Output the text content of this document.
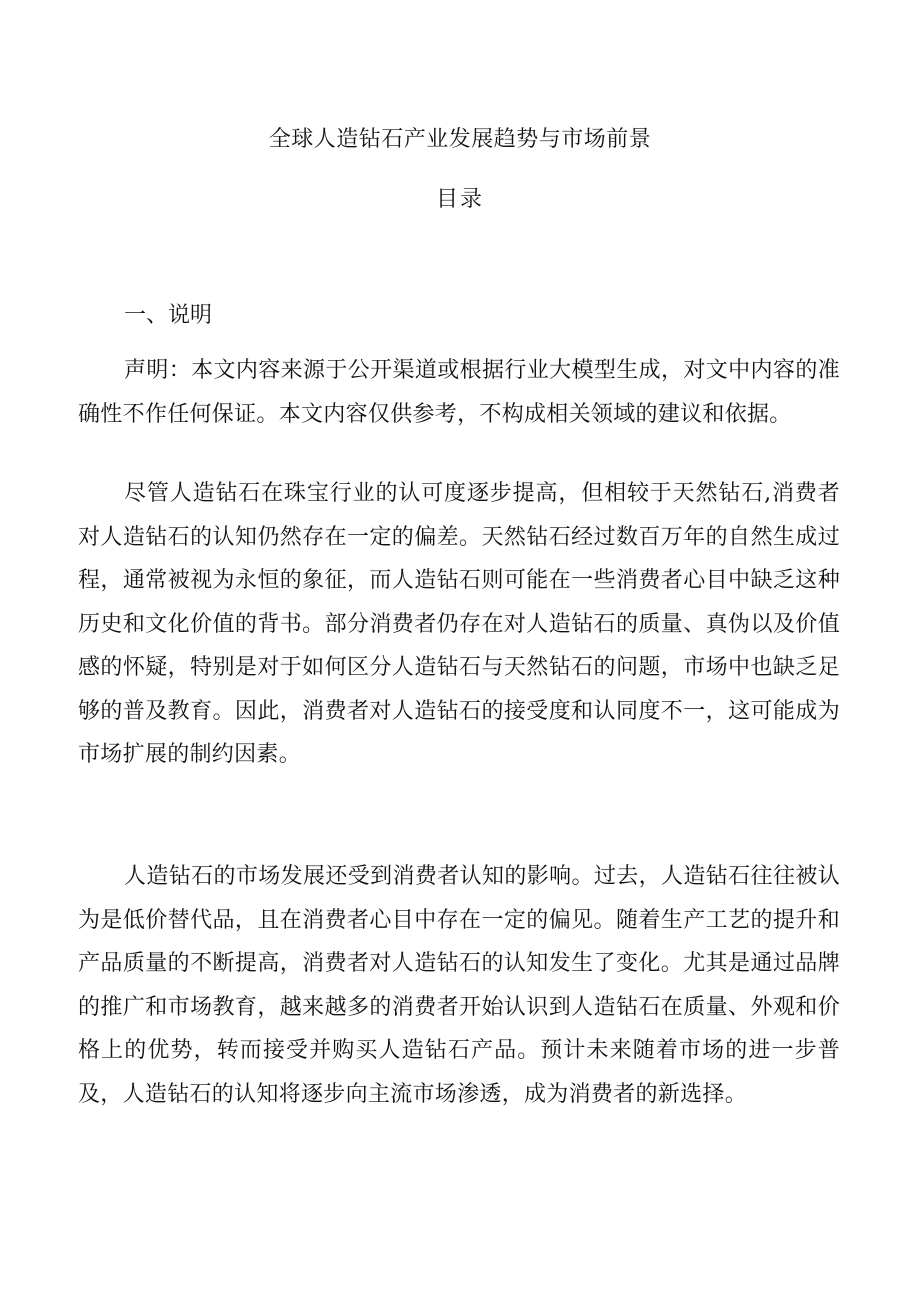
全球人造钻石产业发展趋势与市场前景
目录
一、说明

声明：本文内容来源于公开渠道或根据行业大模型生成，对文中内容的准确性不作任何保证。本文内容仅供参考，不构成相关领域的建议和依据。

尽管人造钻石在珠宝行业的认可度逐步提高，但相较于天然钻石,消费者对人造钻石的认知仍然存在一定的偏差。天然钻石经过数百万年的自然生成过程，通常被视为永恒的象征，而人造钻石则可能在一些消费者心目中缺乏这种历史和文化价值的背书。部分消费者仍存在对人造钻石的质量、真伪以及价值感的怀疑，特别是对于如何区分人造钻石与天然钻石的问题，市场中也缺乏足够的普及教育。因此，消费者对人造钻石的接受度和认同度不一，这可能成为市场扩展的制约因素。

人造钻石的市场发展还受到消费者认知的影响。过去，人造钻石往往被认为是低价替代品，且在消费者心目中存在一定的偏见。随着生产工艺的提升和产品质量的不断提高，消费者对人造钻石的认知发生了变化。尤其是通过品牌的推广和市场教育，越来越多的消费者开始认识到人造钻石在质量、外观和价格上的优势，转而接受并购买人造钻石产品。预计未来随着市场的进一步普及，人造钻石的认知将逐步向主流市场渗透，成为消费者的新选择。
